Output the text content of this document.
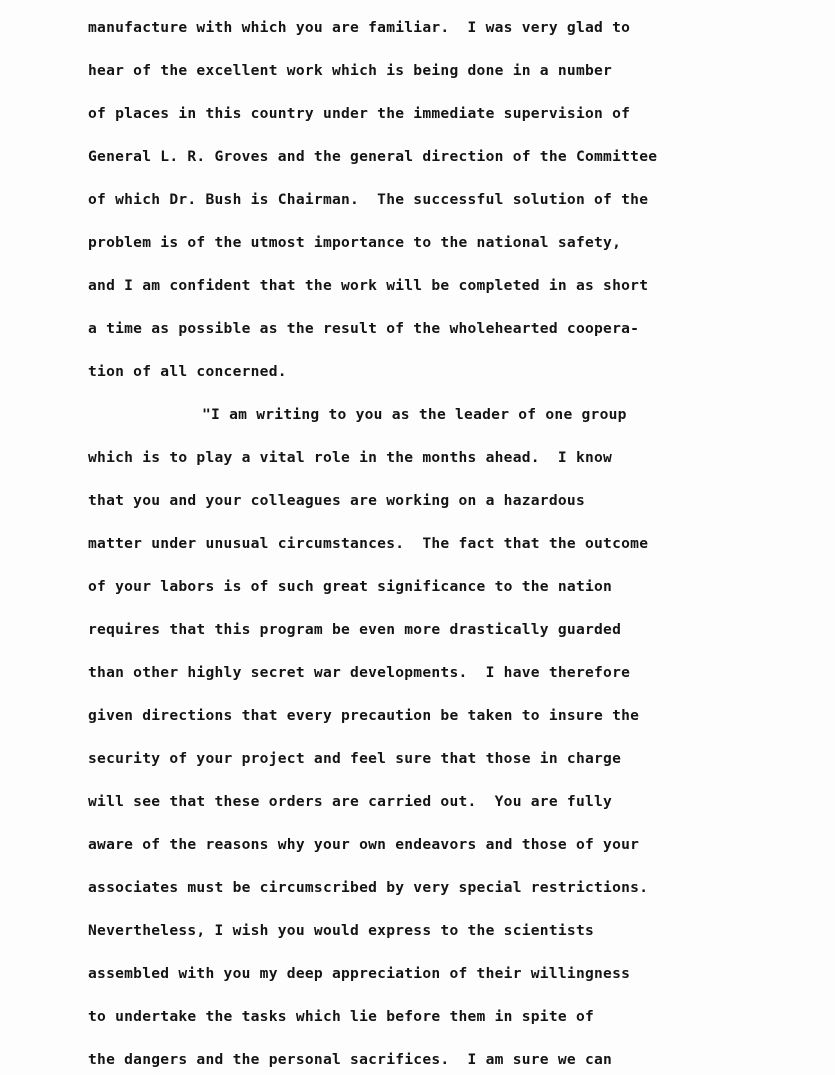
manufacture with which you are familiar.  I was very glad to
hear of the excellent work which is being done in a number
of places in this country under the immediate supervision of
General L. R. Groves and the general direction of the Committee
of which Dr. Bush is Chairman.  The successful solution of the
problem is of the utmost importance to the national safety,
and I am confident that the work will be completed in as short
a time as possible as the result of the wholehearted coopera-
tion of all concerned.
"I am writing to you as the leader of one group
which is to play a vital role in the months ahead.  I know
that you and your colleagues are working on a hazardous
matter under unusual circumstances.  The fact that the outcome
of your labors is of such great significance to the nation
requires that this program be even more drastically guarded
than other highly secret war developments.  I have therefore
given directions that every precaution be taken to insure the
security of your project and feel sure that those in charge
will see that these orders are carried out.  You are fully
aware of the reasons why your own endeavors and those of your
associates must be circumscribed by very special restrictions.
Nevertheless, I wish you would express to the scientists
assembled with you my deep appreciation of their willingness
to undertake the tasks which lie before them in spite of
the dangers and the personal sacrifices.  I am sure we can
